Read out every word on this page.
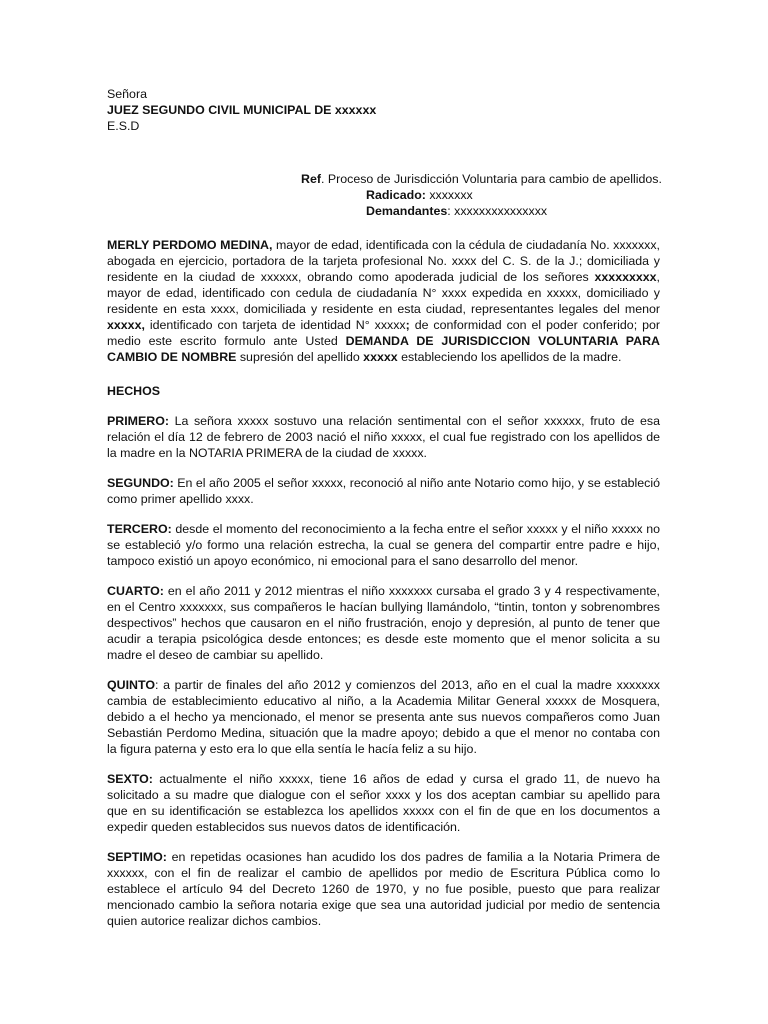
Señora
JUEZ SEGUNDO CIVIL MUNICIPAL DE xxxxxx
E.S.D
Ref. Proceso de Jurisdicción Voluntaria para cambio de apellidos.
Radicado: xxxxxxx
Demandantes: xxxxxxxxxxxxxxx

MERLY PERDOMO MEDINA, mayor de edad, identificada con la cédula de ciudadanía No. xxxxxxx, abogada en ejercicio, portadora de la tarjeta profesional No. xxxx del C. S. de la J.; domiciliada y residente en la ciudad de xxxxxx, obrando como apoderada judicial de los señores xxxxxxxxx, mayor de edad, identificado con cedula de ciudadanía N° xxxx expedida en xxxxx, domiciliado y residente en esta xxxx, domiciliada y residente en esta ciudad, representantes legales del menor xxxxx, identificado con tarjeta de identidad N° xxxxx; de conformidad con el poder conferido; por medio este escrito formulo ante Usted DEMANDA DE JURISDICCION VOLUNTARIA PARA CAMBIO DE NOMBRE supresión del apellido xxxxx estableciendo los apellidos de la madre.

HECHOS

PRIMERO: La señora xxxxx sostuvo una relación sentimental con el señor xxxxxx, fruto de esa relación el día 12 de febrero de 2003 nació el niño xxxxx, el cual fue registrado con los apellidos de la madre en la NOTARIA PRIMERA de la ciudad de xxxxx.

SEGUNDO: En el año 2005 el señor xxxxx, reconoció al niño ante Notario como hijo, y se estableció como primer apellido xxxx.

TERCERO: desde el momento del reconocimiento a la fecha entre el señor xxxxx y el niño xxxxx no se estableció y/o formo una relación estrecha, la cual se genera del compartir entre padre e hijo, tampoco existió un apoyo económico, ni emocional para el sano desarrollo del menor.

CUARTO: en el año 2011 y 2012 mientras el niño xxxxxxx cursaba el grado 3 y 4 respectivamente, en el Centro xxxxxxx, sus compañeros le hacían bullying llamándolo, “tintin, tonton y sobrenombres despectivos” hechos que causaron en el niño frustración, enojo y depresión, al punto de tener que acudir a terapia psicológica desde entonces; es desde este momento que el menor solicita a su madre el deseo de cambiar su apellido.

QUINTO: a partir de finales del año 2012 y comienzos del 2013, año en el cual la madre xxxxxxx cambia de establecimiento educativo al niño, a la Academia Militar General xxxxx de Mosquera, debido a el hecho ya mencionado, el menor se presenta ante sus nuevos compañeros como Juan Sebastián Perdomo Medina, situación que la madre apoyo; debido a que el menor no contaba con la figura paterna y esto era lo que ella sentía le hacía feliz a su hijo.

SEXTO: actualmente el niño xxxxx, tiene 16 años de edad y cursa el grado 11, de nuevo ha solicitado a su madre que dialogue con el señor xxxx y los dos aceptan cambiar su apellido para que en su identificación se establezca los apellidos xxxxx con el fin de que en los documentos a expedir queden establecidos sus nuevos datos de identificación.

SEPTIMO: en repetidas ocasiones han acudido los dos padres de familia a la Notaria Primera de xxxxxx, con el fin de realizar el cambio de apellidos por medio de Escritura Pública como lo establece el artículo 94 del Decreto 1260 de 1970, y no fue posible, puesto que para realizar mencionado cambio la señora notaria exige que sea una autoridad judicial por medio de sentencia quien autorice realizar dichos cambios.
